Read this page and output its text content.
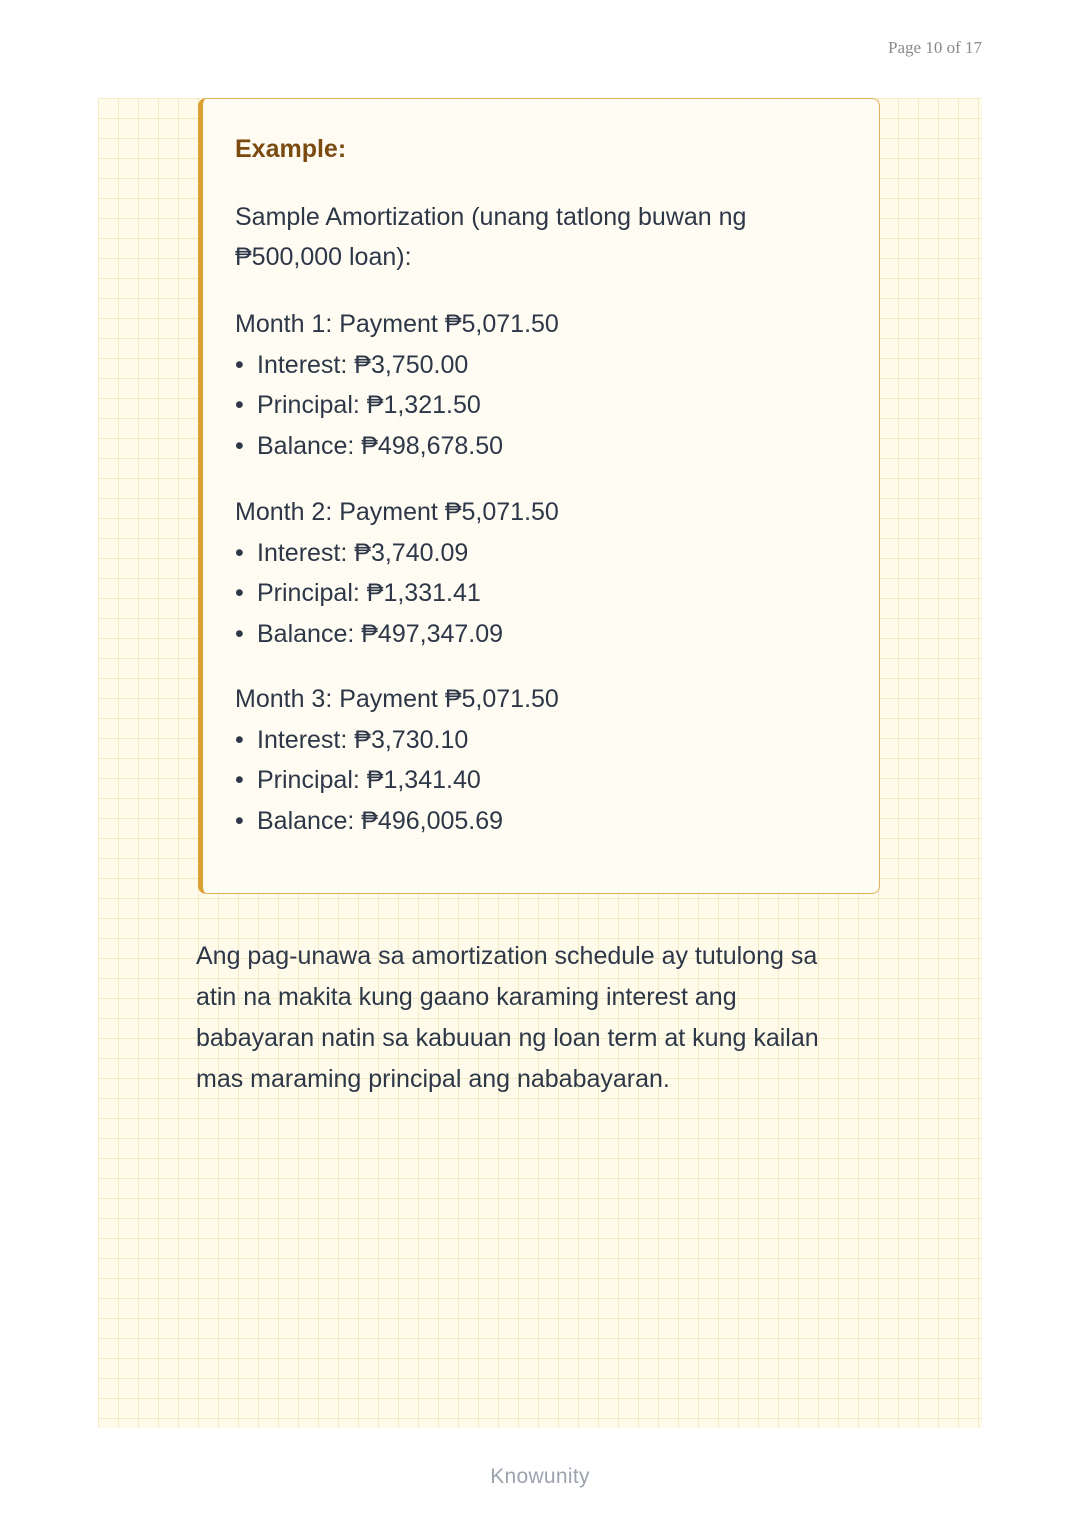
Page 10 of 17
Example:
Sample Amortization (unang tatlong buwan ng
₱500,000 loan):
Month 1: Payment ₱5,071.50
• Interest: ₱3,750.00
• Principal: ₱1,321.50
• Balance: ₱498,678.50
Month 2: Payment ₱5,071.50
• Interest: ₱3,740.09
• Principal: ₱1,331.41
• Balance: ₱497,347.09
Month 3: Payment ₱5,071.50
• Interest: ₱3,730.10
• Principal: ₱1,341.40
• Balance: ₱496,005.69
Ang pag-unawa sa amortization schedule ay tutulong sa
atin na makita kung gaano karaming interest ang
babayaran natin sa kabuuan ng loan term at kung kailan
mas maraming principal ang nababayaran.
Knowunity
